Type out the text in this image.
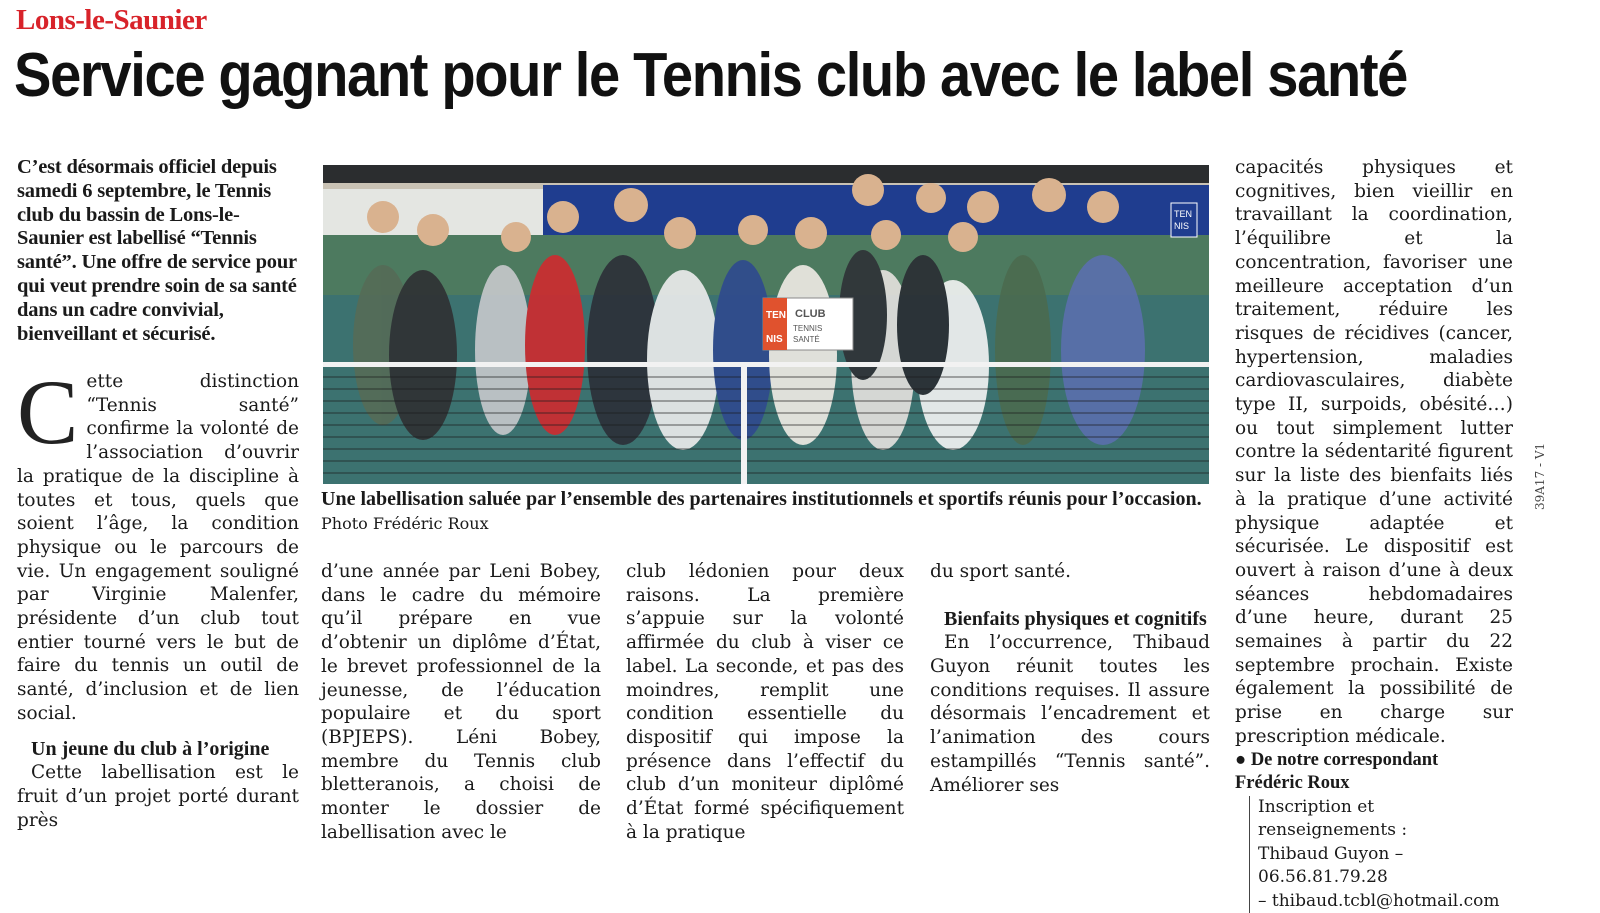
Lons-le-Saunier
Service gagnant pour le Tennis club avec le label santé

C’est désormais officiel depuis samedi 6 septembre, le Tennis club du bassin de Lons-le-Saunier est labellisé “Tennis santé”. Une offre de service pour qui veut prendre soin de sa santé dans un cadre convivial, bienveillant et sécurisé.

Cette distinction “Tennis santé” confirme la volonté de l’association d’ouvrir la pratique de la discipline à toutes et tous, quels que soient l’âge, la condition physique ou le parcours de vie. Un engagement souligné par Virginie Malenfer, présidente d’un club tout entier tourné vers le but de faire du tennis un outil de santé, d’inclusion et de lien social.

Un jeune du club à l’origine

Cette labellisation est le fruit d’un projet porté durant près

TEN
NIS
TEN
NIS
CLUB
TENNIS
SANTÉ
Une labellisation saluée par l’ensemble des partenaires institutionnels et sportifs réunis pour l’occasion. Photo Frédéric Roux

d’une année par Leni Bobey, dans le cadre du mémoire qu’il prépare en vue d’obtenir un diplôme d’État, le brevet professionnel de la jeunesse, de l’éducation populaire et du sport (BPJEPS). Léni Bobey, membre du Tennis club bletteranois, a choisi de monter le dossier de labellisation avec le

club lédonien pour deux raisons. La première s’appuie sur la volonté affirmée du club à viser ce label. La seconde, et pas des moindres, remplit une condition essentielle du dispositif qui impose la présence dans l’effectif du club d’un moniteur diplômé d’État formé spécifiquement à la pratique

du sport santé.

Bienfaits physiques et cognitifs

En l’occurrence, Thibaud Guyon réunit toutes les conditions requises. Il assure désormais l’encadrement et l’animation des cours estampillés “Tennis santé”. Améliorer ses

capacités physiques et cognitives, bien vieillir en travaillant la coordination, l’équilibre et la concentration, favoriser une meilleure acceptation d’un traitement, réduire les risques de récidives (cancer, hypertension, maladies cardiovasculaires, diabète type II, surpoids, obésité…) ou tout simplement lutter contre la sédentarité figurent sur la liste des bienfaits liés à la pratique d’une activité physique adaptée et sécurisée. Le dispositif est ouvert à raison d’une à deux séances hebdomadaires d’une heure, durant 25 semaines à partir du 22 septembre prochain. Existe également la possibilité de prise en charge sur prescription médicale.

● De notre correspondant
Frédéric Roux
Inscription et renseignements :
Thibaud Guyon – 06.56.81.79.28
– thibaud.tcbl@hotmail.com
39A17 - V1
